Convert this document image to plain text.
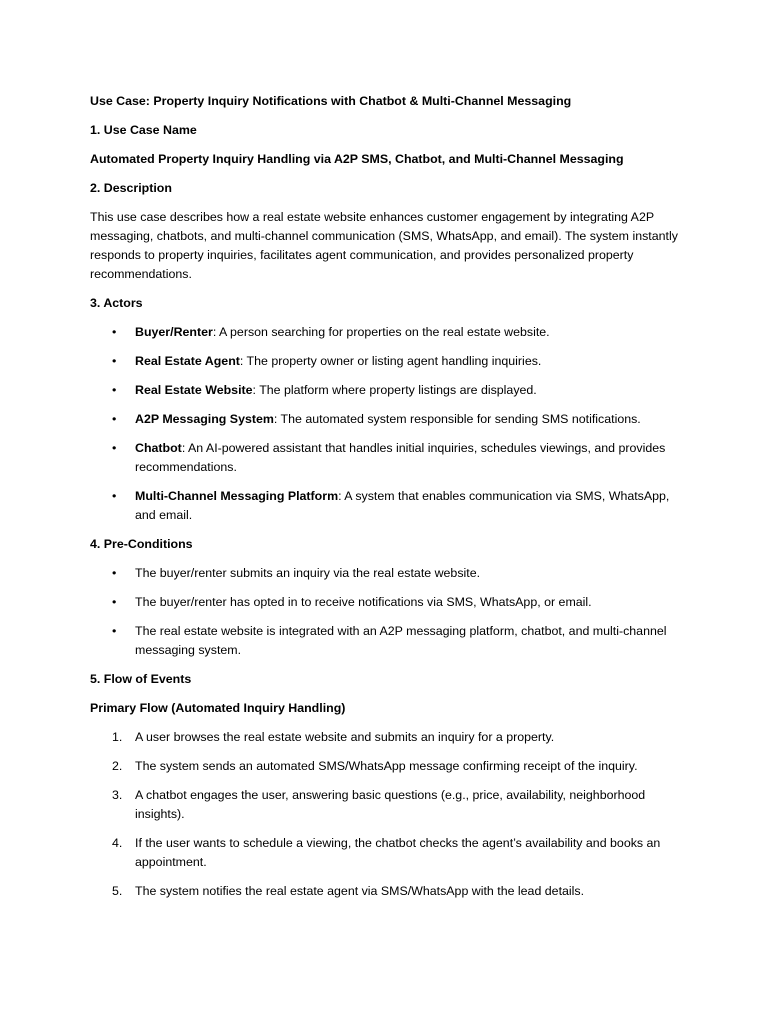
Use Case: Property Inquiry Notifications with Chatbot & Multi-Channel Messaging
1. Use Case Name
Automated Property Inquiry Handling via A2P SMS, Chatbot, and Multi-Channel Messaging
2. Description
This use case describes how a real estate website enhances customer engagement by integrating A2P messaging, chatbots, and multi-channel communication (SMS, WhatsApp, and email). The system instantly responds to property inquiries, facilitates agent communication, and provides personalized property recommendations.
3. Actors
• Buyer/Renter: A person searching for properties on the real estate website.
• Real Estate Agent: The property owner or listing agent handling inquiries.
• Real Estate Website: The platform where property listings are displayed.
• A2P Messaging System: The automated system responsible for sending SMS notifications.
• Chatbot: An AI-powered assistant that handles initial inquiries, schedules viewings, and provides recommendations.
• Multi-Channel Messaging Platform: A system that enables communication via SMS, WhatsApp, and email.
4. Pre-Conditions
• The buyer/renter submits an inquiry via the real estate website.
• The buyer/renter has opted in to receive notifications via SMS, WhatsApp, or email.
• The real estate website is integrated with an A2P messaging platform, chatbot, and multi-channel messaging system.
5. Flow of Events
Primary Flow (Automated Inquiry Handling)
1. A user browses the real estate website and submits an inquiry for a property.
2. The system sends an automated SMS/WhatsApp message confirming receipt of the inquiry.
3. A chatbot engages the user, answering basic questions (e.g., price, availability, neighborhood insights).
4. If the user wants to schedule a viewing, the chatbot checks the agent’s availability and books an appointment.
5. The system notifies the real estate agent via SMS/WhatsApp with the lead details.
